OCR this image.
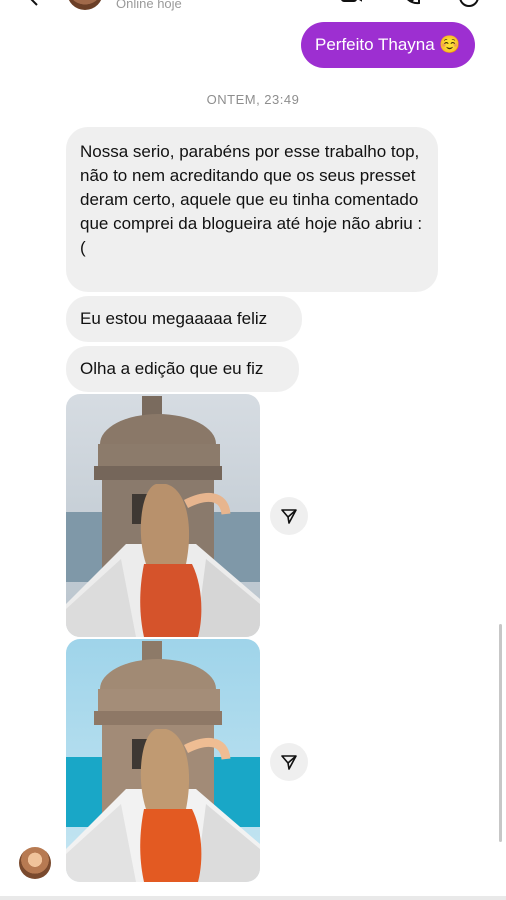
Online hoje
Perfeito Thayna ☺️
ONTEM, 23:49
Nossa serio, parabéns por esse trabalho top, não to nem acreditando que os seus presset deram certo, aquele que eu tinha comentado que comprei da blogueira até hoje não abriu :(
Eu estou megaaaaa feliz
Olha a edição que eu fiz
